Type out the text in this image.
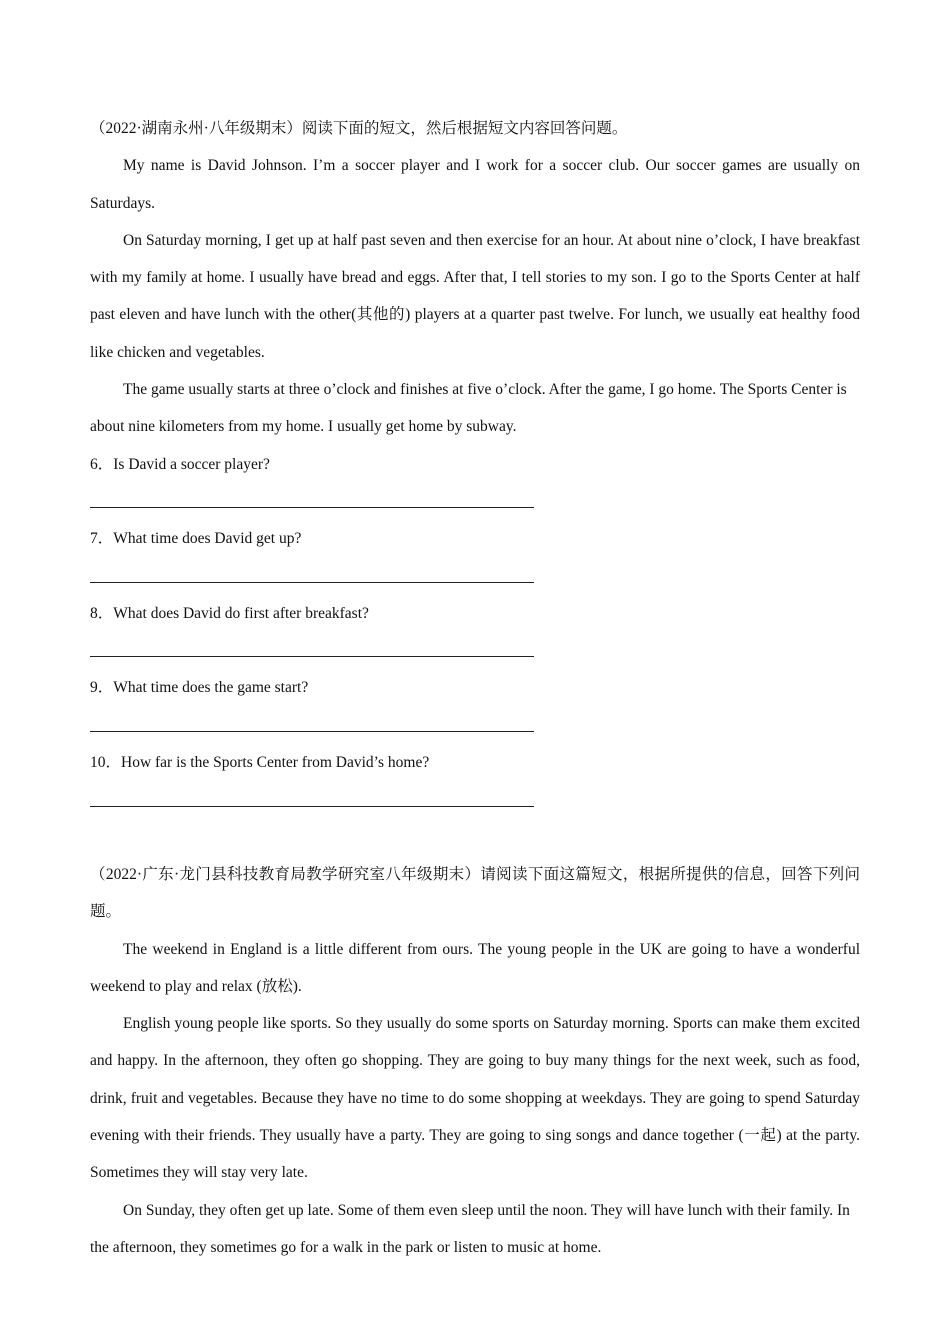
（2022·湖南永州·八年级期末）阅读下面的短文，然后根据短文内容回答问题。

My name is David Johnson. I’m a soccer player and I work for a soccer club. Our soccer games are usually on Saturdays.

On Saturday morning, I get up at half past seven and then exercise for an hour. At about nine o’clock, I have breakfast with my family at home. I usually have bread and eggs. After that, I tell stories to my son. I go to the Sports Center at half past eleven and have lunch with the other(其他的) players at a quarter past twelve. For lunch, we usually eat healthy food like chicken and vegetables.

The game usually starts at three o’clock and finishes at five o’clock. After the game, I go home. The Sports Center is about nine kilometers from my home. I usually get home by subway.

6．Is David a soccer player?

7．What time does David get up?

8．What does David do first after breakfast?

9．What time does the game start?

10．How far is the Sports Center from David’s home?

（2022·广东·龙门县科技教育局教学研究室八年级期末）请阅读下面这篇短文，根据所提供的信息，回答下列问题。

The weekend in England is a little different from ours. The young people in the UK are going to have a wonderful weekend to play and relax (放松).

English young people like sports. So they usually do some sports on Saturday morning. Sports can make them excited and happy. In the afternoon, they often go shopping. They are going to buy many things for the next week, such as food, drink, fruit and vegetables. Because they have no time to do some shopping at weekdays. They are going to spend Saturday evening with their friends. They usually have a party. They are going to sing songs and dance together (一起) at the party. Sometimes they will stay very late.

On Sunday, they often get up late. Some of them even sleep until the noon. They will have lunch with their family. In the afternoon, they sometimes go for a walk in the park or listen to music at home.
